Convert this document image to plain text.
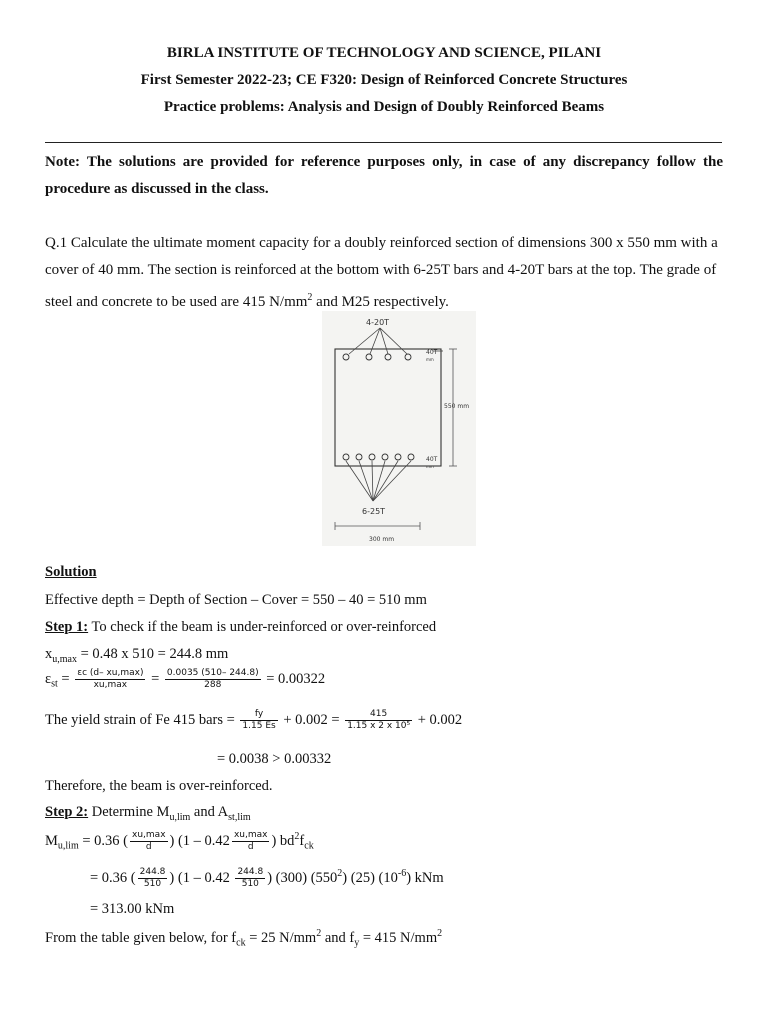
BIRLA INSTITUTE OF TECHNOLOGY AND SCIENCE, PILANI
First Semester 2022-23; CE F320: Design of Reinforced Concrete Structures
Practice problems: Analysis and Design of Doubly Reinforced Beams
Note: The solutions are provided for reference purposes only, in case of any discrepancy follow the procedure as discussed in the class.
Q.1 Calculate the ultimate moment capacity for a doubly reinforced section of dimensions 300 x 550 mm with a cover of 40 mm. The section is reinforced at the bottom with 6-25T bars and 4-20T bars at the top. The grade of steel and concrete to be used are 415 $N/mm^2$ and M25 respectively.
4-20T
40T
mm
550 mm
40T
mm
6-25T
300 mm
Solution
Effective depth = Depth of Section – Cover = 550 – 40 = 510 mm
Step 1: To check if the beam is under-reinforced or over-reinforced
$x_{u,max} = 0.48$ x 510 = 244.8 mm
$\varepsilon_{st} = \frac{\varepsilon c (d- xu,\max)}{xu,\max} = \frac{0.0035 (510- 244.8)}{288} = 0.00322$
The yield strain of Fe 415 bars = $\frac{fy}{1.15 Es} + 0.002 = \frac{415}{\text{1.15 x 2 x 10⁵}} + 0.002$
= 0.0038 > 0.00332
Therefore, the beam is over-reinforced.
Step 2: Determine $M_{u,lim}$ and $A_{st,lim}$
$M_{u,lim} = 0.36$ ( $\frac{xu,\max}{d}$ ) ($1 - 0.42 \frac{xu,\max}{d}$ ) $bd^2f_{ck}$
= 0.36 ( $\frac{244.8}{510}$ ) ($1 - 0.42 \frac{244.8}{510}$ ) (300) $(550^2)$ (25) $(10^{-6})$ kNm
= 313.00 kNm
From the table given below, for $f_{ck} = 25$ $N/mm^2$ and $f_y = 415$ $N/mm^2$
